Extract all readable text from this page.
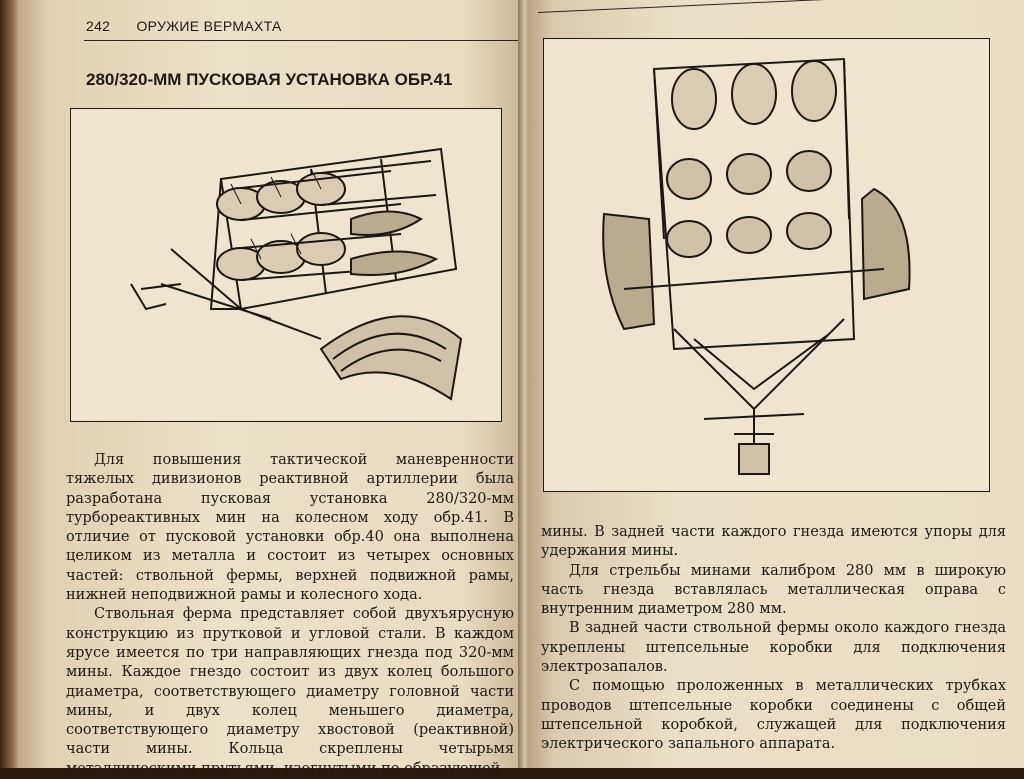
242 ОРУЖИЕ ВЕРМАХТА
280/320-ММ ПУСКОВАЯ УСТАНОВКА ОБР.41

Для повышения тактической маневренности тяжелых дивизионов реактивной артиллерии была разработана пусковая установка 280/320-мм турбореактивных мин на колесном ходу обр.41. В отличие от пусковой установки обр.40 она выполнена целиком из металла и состоит из четырех основных частей: ствольной фермы, верхней подвижной рамы, нижней неподвижной рамы и колесного хода.

Ствольная ферма представляет собой двухъярусную конструкцию из прутковой и угловой стали. В каждом ярусе имеется по три направляющих гнезда под 320-мм мины. Каждое гнездо состоит из двух колец большого диаметра, соответствующего диаметру головной части мины, и двух колец меньшего диаметра, соответствующего диаметру хвостовой (реактивной) части мины. Кольца скреплены четырьмя металлическими прутьями, изогнутыми по образующей

мины. В задней части каждого гнезда имеются упоры для удержания мины.

Для стрельбы минами калибром 280 мм в широкую часть гнезда вставлялась металлическая оправа с внутренним диаметром 280 мм.

В задней части ствольной фермы около каждого гнезда укреплены штепсельные коробки для подключения электрозапалов.

С помощью проложенных в металлических трубках проводов штепсельные коробки соединены с общей штепсельной коробкой, служащей для подключения электрического запального аппарата.
